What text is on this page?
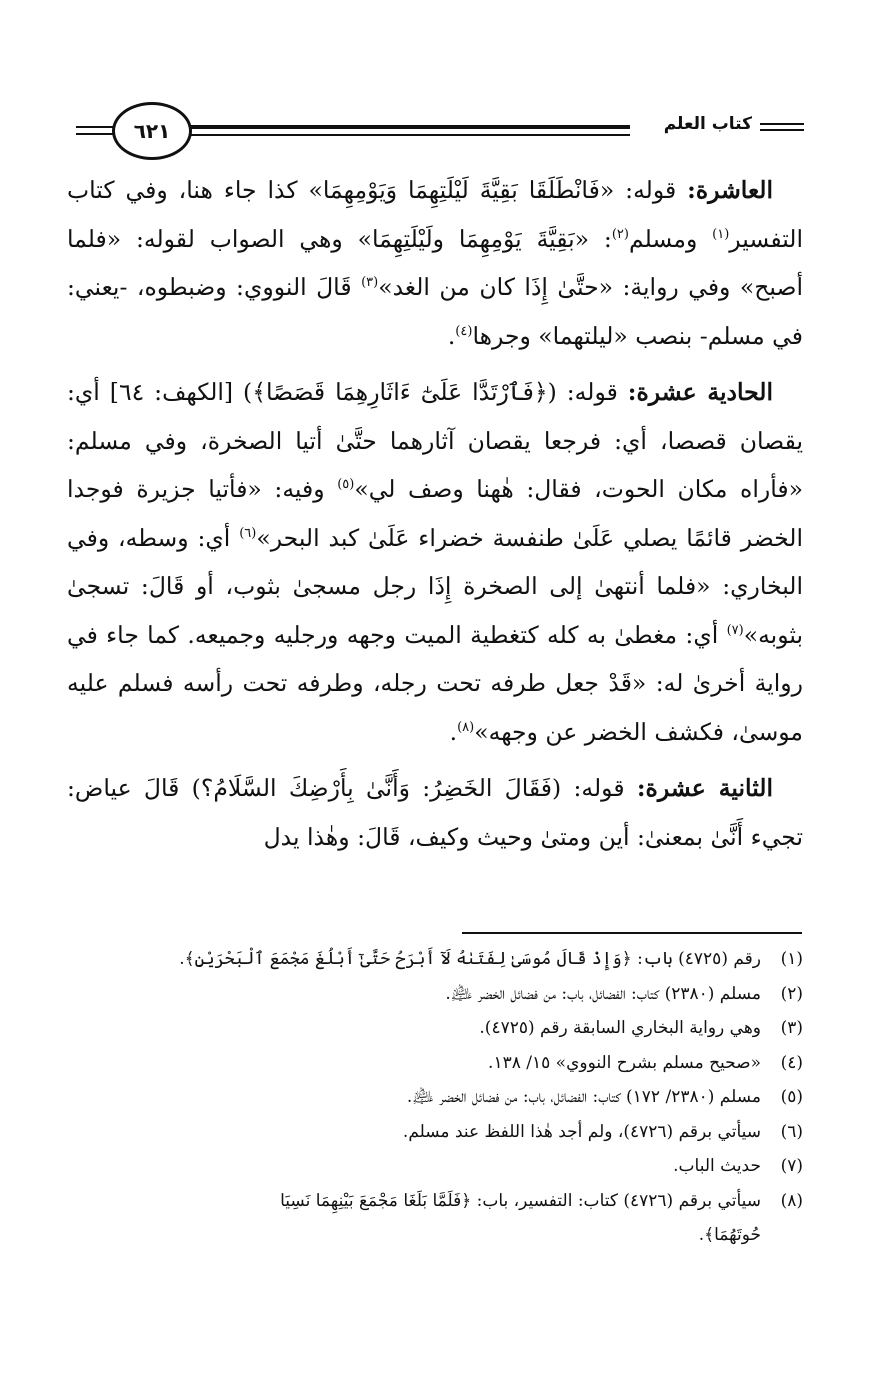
٦٢١	كتاب العلم

العاشرة: قوله: «فَانْطَلَقَا بَقِيَّةَ لَيْلَتِهِمَا وَيَوْمِهِمَا» كذا جاء هنا، وفي كتاب التفسير$^{(١)}$ ومسلم$^{(٢)}$: «بَقِيَّةَ يَوْمِهِمَا ولَيْلَتِهِمَا» وهي الصواب لقوله: «فلما أصبح» وفي رواية: «حتَّىٰ إِذَا كان من الغد»$^{(٣)}$ قَالَ النووي: وضبطوه، -يعني: في مسلم- بنصب «ليلتهما» وجرها$^{(٤)}$.

الحادية عشرة: قوله: (﴿فَٱرْتَدَّا عَلَىٰٓ ءَاثَارِهِمَا قَصَصًا﴾) [الكهف: ٦٤] أي: يقصان قصصا، أي: فرجعا يقصان آثارهما حتَّىٰ أتيا الصخرة، وفي مسلم: «فأراه مكان الحوت، فقال: هٰهنا وصف لي»$^{(٥)}$ وفيه: «فأتيا جزيرة فوجدا الخضر قائمًا يصلي عَلَىٰ طنفسة خضراء عَلَىٰ كبد البحر»$^{(٦)}$ أي: وسطه، وفي البخاري: «فلما أنتهىٰ إلى الصخرة إِذَا رجل مسجىٰ بثوب، أو قَالَ: تسجىٰ بثوبه»$^{(٧)}$ أي: مغطىٰ به كله كتغطية الميت وجهه ورجليه وجميعه. كما جاء في رواية أخرىٰ له: «قَدْ جعل طرفه تحت رجله، وطرفه تحت رأسه فسلم عليه موسىٰ، فكشف الخضر عن وجهه»$^{(٨)}$.

الثانية عشرة: قوله: (فَقَالَ الخَضِرُ: وَأَنَّىٰ بِأَرْضِكَ السَّلَامُ؟) قَالَ عياض: تجيء أَنَّىٰ بمعنىٰ: أين ومتىٰ وحيث وكيف، قَالَ: وهٰذا يدل

(١)
رقم (٤٧٢٥) باب: ﴿وَإِذْ قَالَ مُوسَىٰ لِفَتَىٰهُ لَآ أَبْرَحُ حَتَّىٰٓ أَبْلُغَ مَجْمَعَ ٱلْبَحْرَيْنِ﴾.
(٢)
مسلم (٢٣٨٠) كتاب: الفضائل، باب: من فضائل الخضر ﵇.
(٣)
وهي رواية البخاري السابقة رقم (٤٧٢٥).
(٤)
«صحيح مسلم بشرح النووي» ١٥/ ١٣٨.
(٥)
مسلم (٢٣٨٠/ ١٧٢) كتاب: الفضائل، باب: من فضائل الخضر ﵇.
(٦)
سيأتي برقم (٤٧٢٦)، ولم أجد هٰذا اللفظ عند مسلم.
(٧)
حديث الباب.
(٨)
سيأتي برقم (٤٧٢٦) كتاب: التفسير، باب: ﴿فَلَمَّا بَلَغَا مَجْمَعَ بَيْنِهِمَا نَسِيَا
حُوتَهُمَا﴾.
